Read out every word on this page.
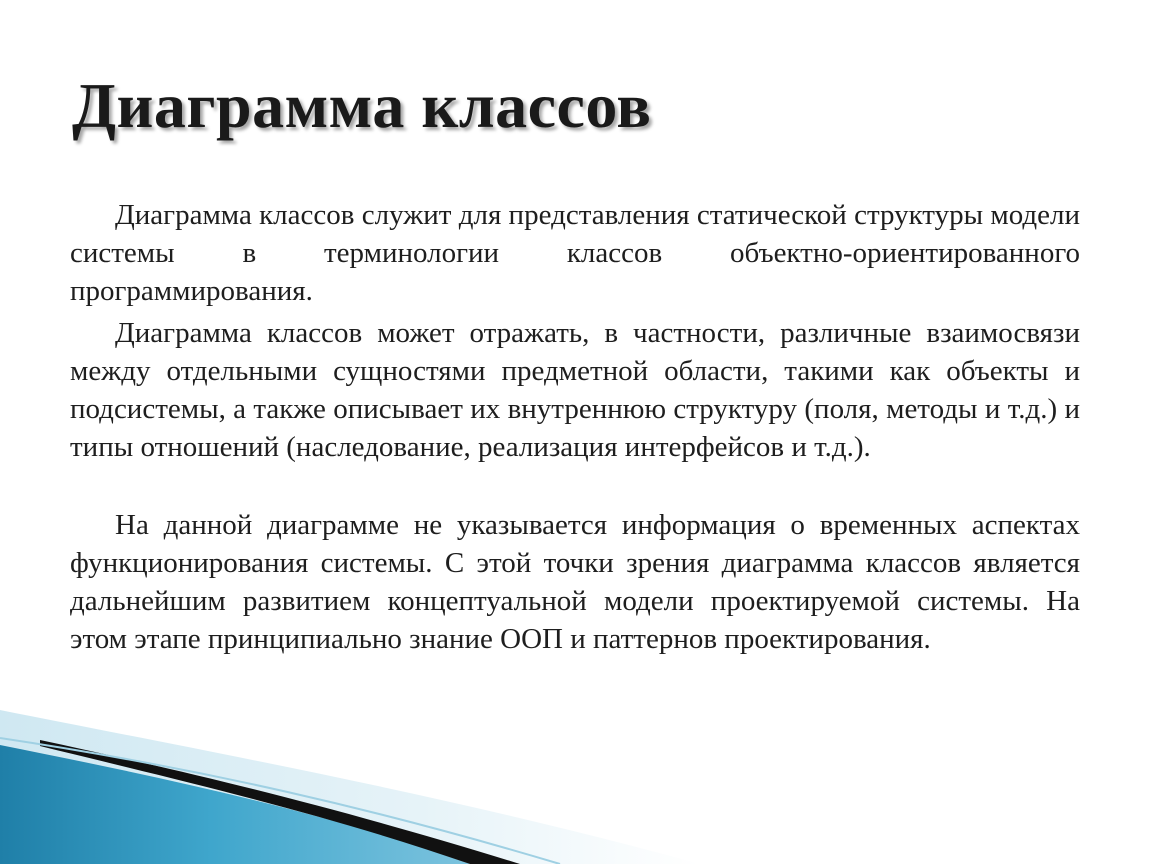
Диаграмма классов

Диаграмма классов служит для представления статической структуры модели системы в терминологии классов объектно-ориентированного программирования.

Диаграмма классов может отражать, в частности, различные взаимосвязи между отдельными сущностями предметной области, такими как объекты и подсистемы, а также описывает их внутреннюю структуру (поля, методы и т.д.) и типы отношений (наследование, реализация интерфейсов и т.д.).

На данной диаграмме не указывается информация о временных аспектах функционирования системы. С этой точки зрения диаграмма классов является дальнейшим развитием концептуальной модели проектируемой системы. На этом этапе принципиально знание ООП и паттернов проектирования.
